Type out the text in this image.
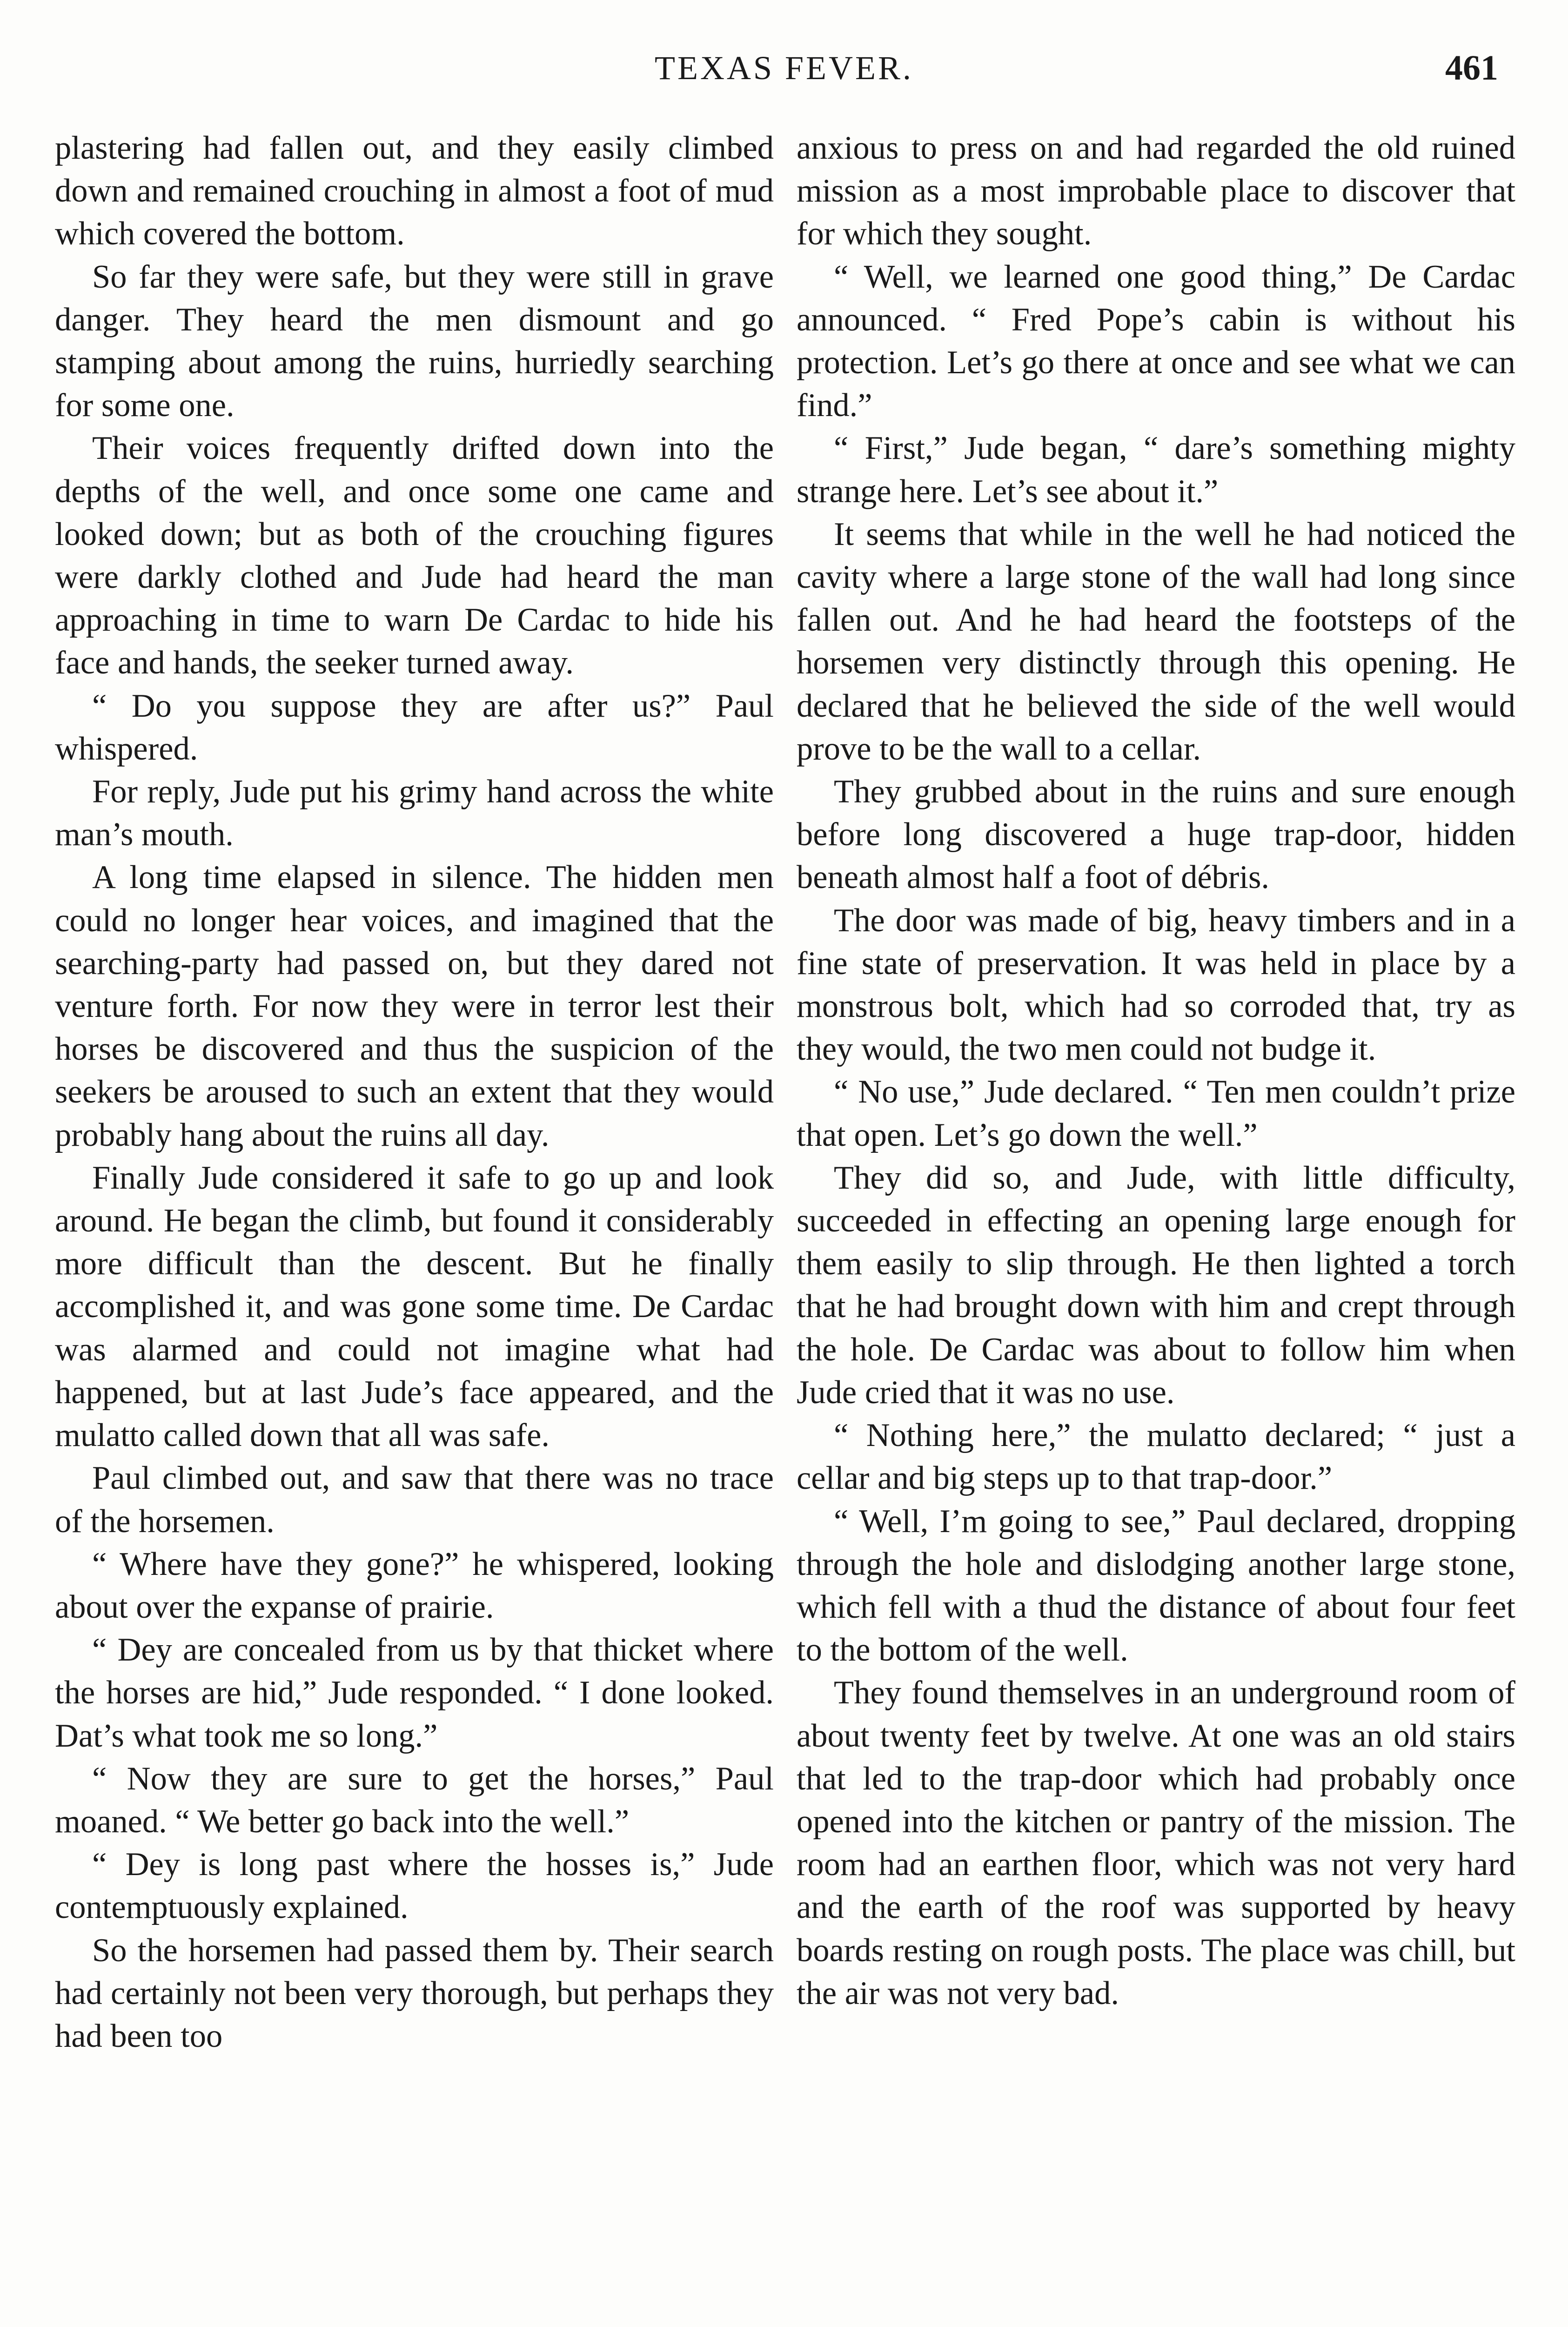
TEXAS FEVER.	461

plastering had fallen out, and they easily climbed down and remained crouching in almost a foot of mud which covered the bottom.

So far they were safe, but they were still in grave danger. They heard the men dismount and go stamping about among the ruins, hurriedly searching for some one.

Their voices frequently drifted down into the depths of the well, and once some one came and looked down; but as both of the crouching figures were darkly clothed and Jude had heard the man approaching in time to warn De Cardac to hide his face and hands, the seeker turned away.

“ Do you suppose they are after us?” Paul whispered.

For reply, Jude put his grimy hand across the white man’s mouth.

A long time elapsed in silence. The hidden men could no longer hear voices, and imagined that the searching-party had passed on, but they dared not venture forth. For now they were in terror lest their horses be discovered and thus the suspicion of the seekers be aroused to such an extent that they would probably hang about the ruins all day.

Finally Jude considered it safe to go up and look around. He began the climb, but found it considerably more difficult than the descent. But he finally accomplished it, and was gone some time. De Cardac was alarmed and could not imagine what had happened, but at last Jude’s face appeared, and the mulatto called down that all was safe.

Paul climbed out, and saw that there was no trace of the horsemen.

“ Where have they gone?” he whispered, looking about over the expanse of prairie.

“ Dey are concealed from us by that thicket where the horses are hid,” Jude responded. “ I done looked. Dat’s what took me so long.”

“ Now they are sure to get the horses,” Paul moaned. “ We better go back into the well.”

“ Dey is long past where the hosses is,” Jude contemptuously explained.

So the horsemen had passed them by. Their search had certainly not been very thorough, but perhaps they had been too

anxious to press on and had regarded the old ruined mission as a most improbable place to discover that for which they sought.

“ Well, we learned one good thing,” De Cardac announced. “ Fred Pope’s cabin is without his protection. Let’s go there at once and see what we can find.”

“ First,” Jude began, “ dare’s something mighty strange here. Let’s see about it.”

It seems that while in the well he had noticed the cavity where a large stone of the wall had long since fallen out. And he had heard the footsteps of the horsemen very distinctly through this opening. He declared that he believed the side of the well would prove to be the wall to a cellar.

They grubbed about in the ruins and sure enough before long discovered a huge trap-door, hidden beneath almost half a foot of débris.

The door was made of big, heavy timbers and in a fine state of preservation. It was held in place by a monstrous bolt, which had so corroded that, try as they would, the two men could not budge it.

“ No use,” Jude declared. “ Ten men couldn’t prize that open. Let’s go down the well.”

They did so, and Jude, with little difficulty, succeeded in effecting an opening large enough for them easily to slip through. He then lighted a torch that he had brought down with him and crept through the hole. De Cardac was about to follow him when Jude cried that it was no use.

“ Nothing here,” the mulatto declared; “ just a cellar and big steps up to that trap-door.”

“ Well, I’m going to see,” Paul declared, dropping through the hole and dislodging another large stone, which fell with a thud the distance of about four feet to the bottom of the well.

They found themselves in an underground room of about twenty feet by twelve. At one was an old stairs that led to the trap-door which had probably once opened into the kitchen or pantry of the mission. The room had an earthen floor, which was not very hard and the earth of the roof was supported by heavy boards resting on rough posts. The place was chill, but the air was not very bad.
